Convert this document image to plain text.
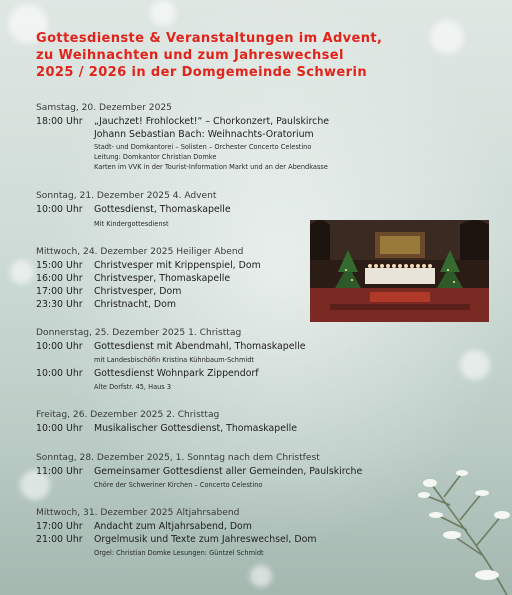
Gottesdienste & Veranstaltungen im Advent,
zu Weihnachten und zum Jahreswechsel
2025 / 2026 in der Domgemeinde Schwerin
Samstag, 20. Dezember 2025
18:00 Uhr „Jauchzet! Frohlocket!“ – Chorkonzert, Paulskirche
Johann Sebastian Bach: Weihnachts-Oratorium
Stadt- und Domkantorei – Solisten – Orchester Concerto Celestino
Leitung: Domkantor Christian Domke
Karten im VVK in der Tourist-Information Markt und an der Abendkasse
Sonntag, 21. Dezember 2025 4. Advent
10:00 Uhr Gottesdienst, Thomaskapelle
Mit Kindergottesdienst
Mittwoch, 24. Dezember 2025 Heiliger Abend
15:00 Uhr Christvesper mit Krippenspiel, Dom
16:00 Uhr Christvesper, Thomaskapelle
17:00 Uhr Christvesper, Dom
23:30 Uhr Christnacht, Dom
Donnerstag, 25. Dezember 2025 1. Christtag
10:00 Uhr Gottesdienst mit Abendmahl, Thomaskapelle
mit Landesbischöfin Kristina Kühnbaum-Schmidt
10:00 Uhr Gottesdienst Wohnpark Zippendorf
Alte Dorfstr. 45, Haus 3
Freitag, 26. Dezember 2025 2. Christtag
10:00 Uhr Musikalischer Gottesdienst, Thomaskapelle
Sonntag, 28. Dezember 2025, 1. Sonntag nach dem Christfest
11:00 Uhr Gemeinsamer Gottesdienst aller Gemeinden, Paulskirche
Chöre der Schweriner Kirchen – Concerto Celestino
Mittwoch, 31. Dezember 2025 Altjahrsabend
17:00 Uhr Andacht zum Altjahrsabend, Dom
21:00 Uhr Orgelmusik und Texte zum Jahreswechsel, Dom
Orgel: Christian Domke Lesungen: Güntzel Schmidt
